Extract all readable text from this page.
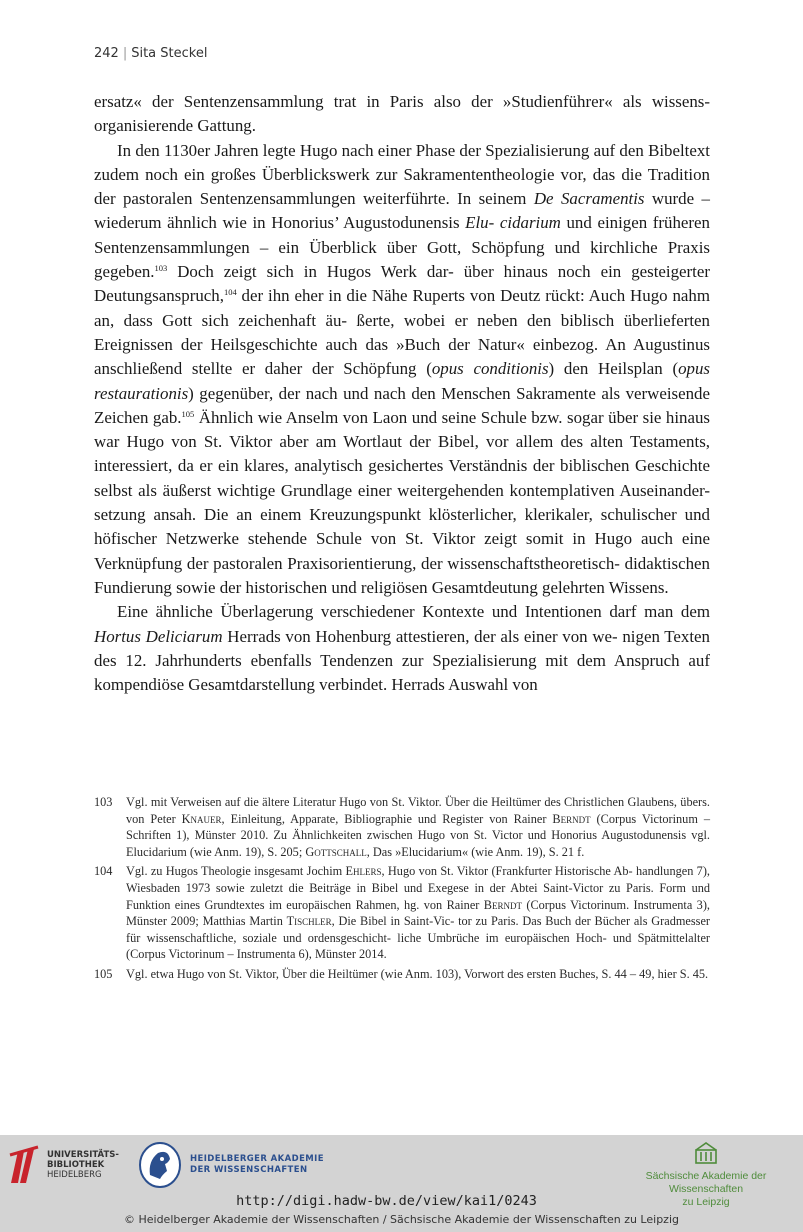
242 | Sita Steckel

ersatz« der Sentenzensammlung trat in Paris also der »Studienführer« als wissens- organisierende Gattung.

In den 1130er Jahren legte Hugo nach einer Phase der Spezialisierung auf den Bibeltext zudem noch ein großes Überblickswerk zur Sakramententheologie vor, das die Tradition der pastoralen Sentenzensammlungen weiterführte. In seinem De Sacramentis wurde – wiederum ähnlich wie in Honorius’ Augustodunensis Elu- cidarium und einigen früheren Sentenzensammlungen – ein Überblick über Gott, Schöpfung und kirchliche Praxis gegeben.$^{103}$ Doch zeigt sich in Hugos Werk dar- über hinaus noch ein gesteigerter Deutungsanspruch,$^{104}$ der ihn eher in die Nähe Ruperts von Deutz rückt: Auch Hugo nahm an, dass Gott sich zeichenhaft äu- ßerte, wobei er neben den biblisch überlieferten Ereignissen der Heilsgeschichte auch das »Buch der Natur« einbezog. An Augustinus anschließend stellte er daher der Schöpfung (opus conditionis) den Heilsplan (opus restaurationis) gegenüber, der nach und nach den Menschen Sakramente als verweisende Zeichen gab.$^{105}$ Ähnlich wie Anselm von Laon und seine Schule bzw. sogar über sie hinaus war Hugo von St. Viktor aber am Wortlaut der Bibel, vor allem des alten Testaments, interessiert, da er ein klares, analytisch gesichertes Verständnis der biblischen Geschichte selbst als äußerst wichtige Grundlage einer weitergehenden kontemplativen Auseinander- setzung ansah. Die an einem Kreuzungspunkt klösterlicher, klerikaler, schulischer und höfischer Netzwerke stehende Schule von St. Viktor zeigt somit in Hugo auch eine Verknüpfung der pastoralen Praxisorientierung, der wissenschaftstheoretisch- didaktischen Fundierung sowie der historischen und religiösen Gesamtdeutung gelehrten Wissens.

Eine ähnliche Überlagerung verschiedener Kontexte und Intentionen darf man dem Hortus Deliciarum Herrads von Hohenburg attestieren, der als einer von we- nigen Texten des 12. Jahrhunderts ebenfalls Tendenzen zur Spezialisierung mit dem Anspruch auf kompendiöse Gesamtdarstellung verbindet. Herrads Auswahl von

103	Vgl. mit Verweisen auf die ältere Literatur Hugo von St. Viktor. Über die Heiltümer des Christlichen Glaubens, übers. von Peter Knauer, Einleitung, Apparate, Bibliographie und Register von Rainer Berndt (Corpus Victorinum – Schriften 1), Münster 2010. Zu Ähnlichkeiten zwischen Hugo von St. Victor und Honorius Augustodunensis vgl. Elucidarium (wie Anm. 19), S. 205; Gottschall, Das »Elucidarium« (wie Anm. 19), S. 21 f.
104	Vgl. zu Hugos Theologie insgesamt Jochim Ehlers, Hugo von St. Viktor (Frankfurter Historische Ab- handlungen 7), Wiesbaden 1973 sowie zuletzt die Beiträge in Bibel und Exegese in der Abtei Saint-Victor zu Paris. Form und Funktion eines Grundtextes im europäischen Rahmen, hg. von Rainer Berndt (Corpus Victorinum. Instrumenta 3), Münster 2009; Matthias Martin Tischler, Die Bibel in Saint-Vic- tor zu Paris. Das Buch der Bücher als Gradmesser für wissenschaftliche, soziale und ordensgeschicht- liche Umbrüche im europäischen Hoch- und Spätmittelalter (Corpus Victorinum – Instrumenta 6), Münster 2014.
105	Vgl. etwa Hugo von St. Viktor, Über die Heiltümer (wie Anm. 103), Vorwort des ersten Buches, S. 44 – 49, hier S. 45.
UNIVERSITÄTS-
BIBLIOTHEK
HEIDELBERG
HEIDELBERGER AKADEMIE
DER WISSENSCHAFTEN	Sächsische Akademie der Wissenschaften
zu Leipzig
http://digi.hadw-bw.de/view/kai1/0243
© Heidelberger Akademie der Wissenschaften / Sächsische Akademie der Wissenschaften zu Leipzig
